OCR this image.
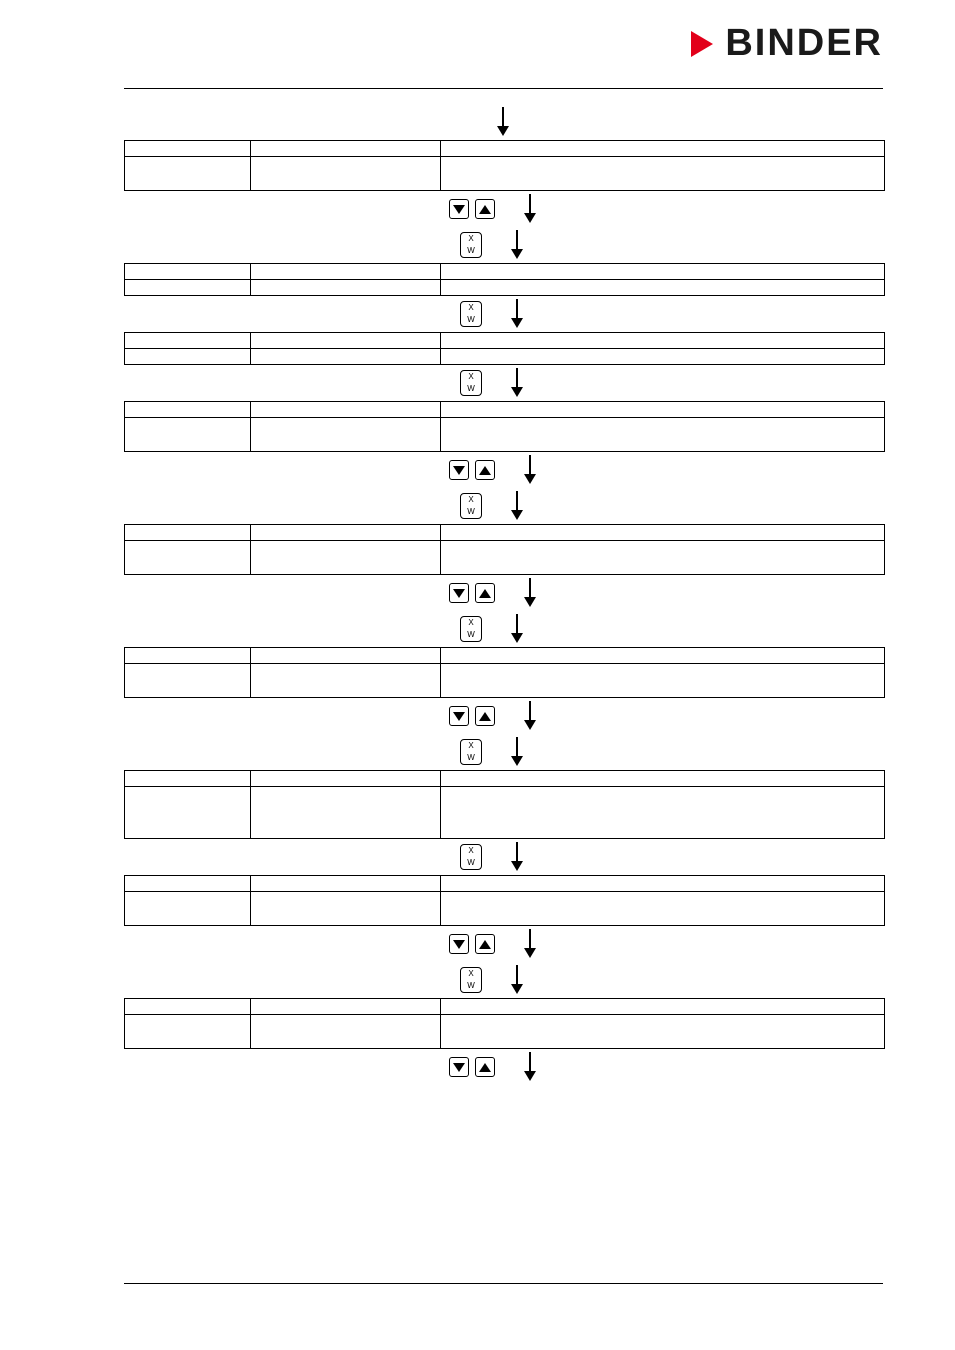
BINDER

X
W

X
W

X
W

X
W

X
W

X
W

X
W

X
W
